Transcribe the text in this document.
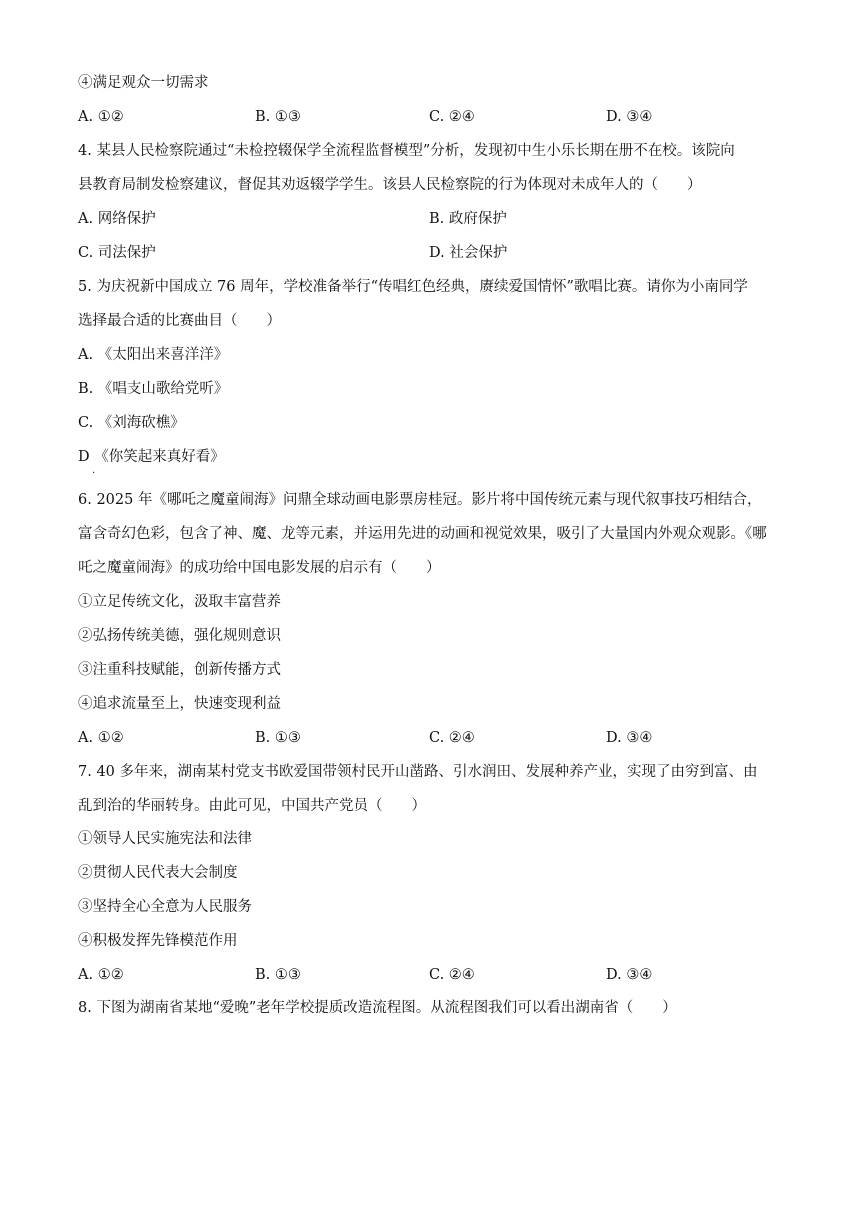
④满足观众一切需求
A. ①②	B. ①③	C. ②④	D. ③④
4. 某县人民检察院通过“未检控辍保学全流程监督模型”分析，发现初中生小乐长期在册不在校。该院向
县教育局制发检察建议，督促其劝返辍学学生。该县人民检察院的行为体现对未成年人的（　　）
A. 网络保护	B. 政府保护
C. 司法保护	D. 社会保护
5. 为庆祝新中国成立 76 周年，学校准备举行“传唱红色经典，赓续爱国情怀”歌唱比赛。请你为小南同学
选择最合适的比赛曲目（　　）
A. 《太阳出来喜洋洋》
B. 《唱支山歌给党听》
C. 《刘海砍樵》
D 《你笑起来真好看》
.
6. 2025 年《哪吒之魔童闹海》问鼎全球动画电影票房桂冠。影片将中国传统元素与现代叙事技巧相结合，
富含奇幻色彩，包含了神、魔、龙等元素，并运用先进的动画和视觉效果，吸引了大量国内外观众观影。《哪
吒之魔童闹海》的成功给中国电影发展的启示有（　　）
①立足传统文化，汲取丰富营养
②弘扬传统美德，强化规则意识
③注重科技赋能，创新传播方式
④追求流量至上，快速变现利益
A. ①②	B. ①③	C. ②④	D. ③④
7. 40 多年来，湖南某村党支书欧爱国带领村民开山凿路、引水润田、发展种养产业，实现了由穷到富、由
乱到治的华丽转身。由此可见，中国共产党员（　　）
①领导人民实施宪法和法律
②贯彻人民代表大会制度
③坚持全心全意为人民服务
④积极发挥先锋模范作用
A. ①②	B. ①③	C. ②④	D. ③④
8. 下图为湖南省某地“爱晚”老年学校提质改造流程图。从流程图我们可以看出湖南省（　　）
